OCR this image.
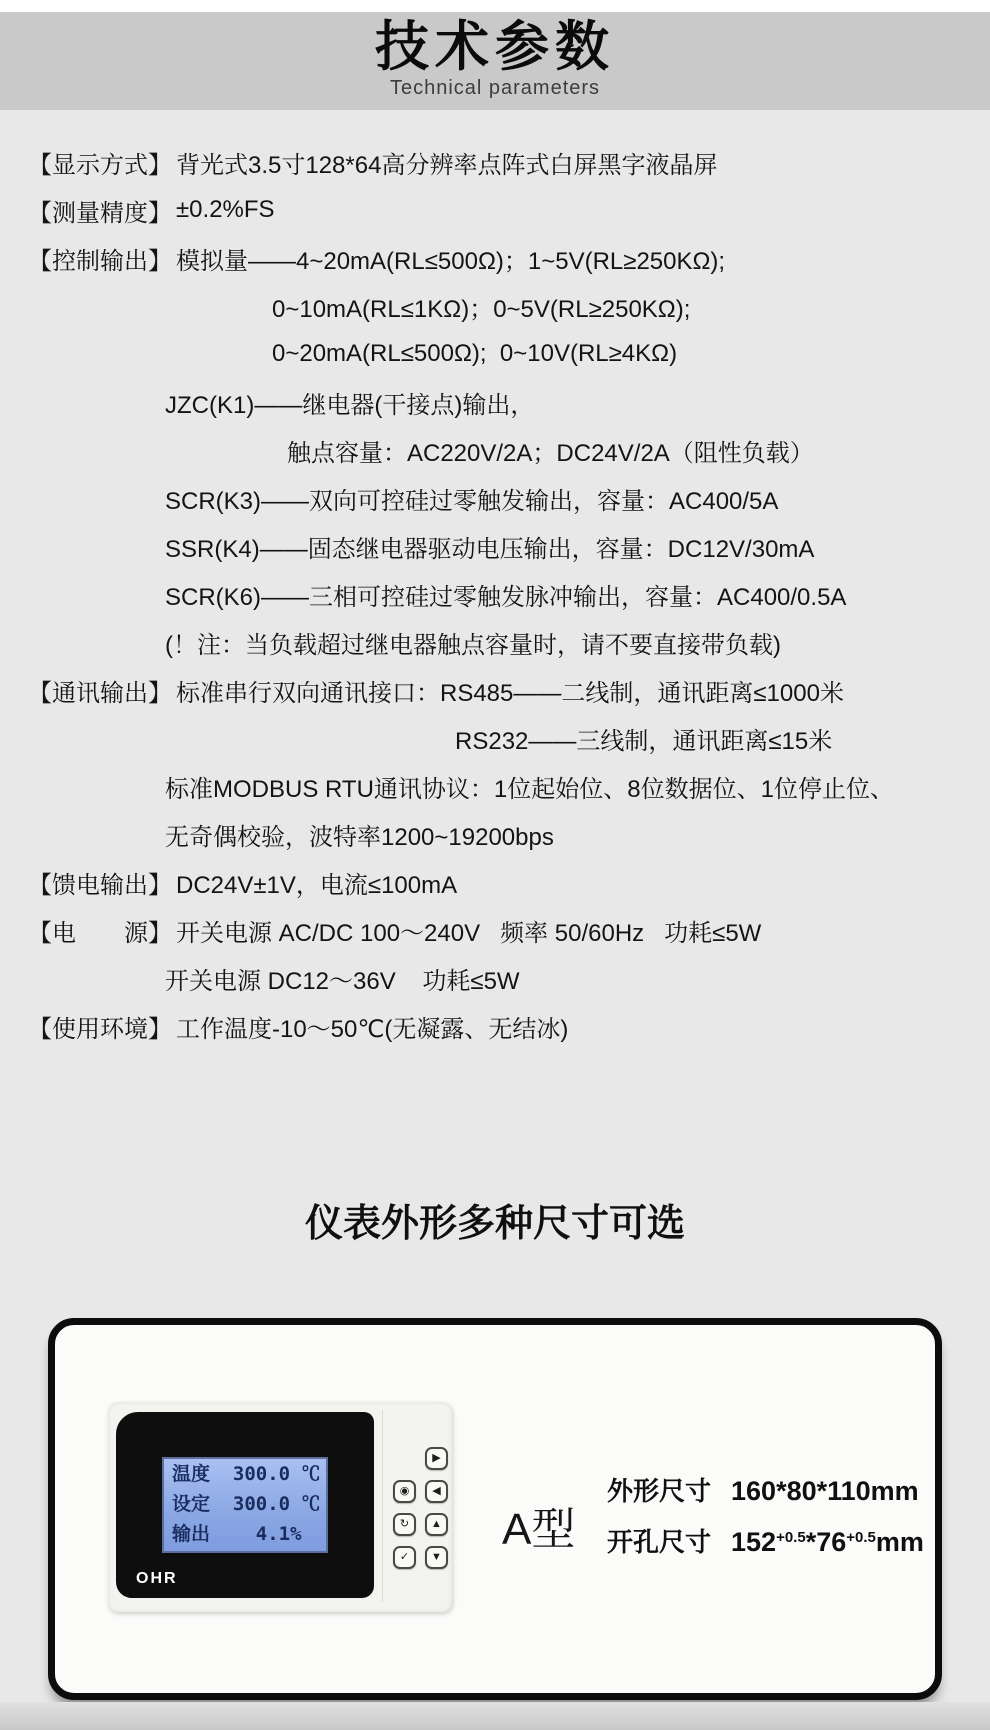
技术参数
Technical parameters
【显示方式】 背光式3.5寸128*64高分辨率点阵式白屏黑字液晶屏
【测量精度】 ±0.2%FS
【控制输出】 模拟量——4~20mA(RL≤500Ω)；1~5V(RL≥250KΩ);
0~10mA(RL≤1KΩ)；0~5V(RL≥250KΩ);
0~20mA(RL≤500Ω);  0~10V(RL≥4KΩ)
JZC(K1)——继电器(干接点)输出，
触点容量：AC220V/2A；DC24V/2A（阻性负载）
SCR(K3)——双向可控硅过零触发输出，容量：AC400/5A
SSR(K4)——固态继电器驱动电压输出，容量：DC12V/30mA
SCR(K6)——三相可控硅过零触发脉冲输出，容量：AC400/0.5A
(！注：当负载超过继电器触点容量时，请不要直接带负载)
【通讯输出】 标准串行双向通讯接口：RS485——二线制，通讯距离≤1000米
RS232——三线制，通讯距离≤15米
标准MODBUS RTU通讯协议：1位起始位、8位数据位、1位停止位、
无奇偶校验，波特率1200~19200bps
【馈电输出】 DC24V±1V，电流≤100mA
【电　　源】 开关电源 AC/DC 100～240V   频率 50/60Hz   功耗≤5W
开关电源 DC12～36V    功耗≤5W
【使用环境】 工作温度-10～50℃(无凝露、无结冰)
仪表外形多种尺寸可选
温度  300.0 ℃
设定  300.0 ℃
输出    4.1%
OHR
▶
◀
▲
▼
◉
↻
✓
A型
外形尺寸 160*80*110mm
开孔尺寸 $152^{+0.5}*76^{+0.5}mm$
